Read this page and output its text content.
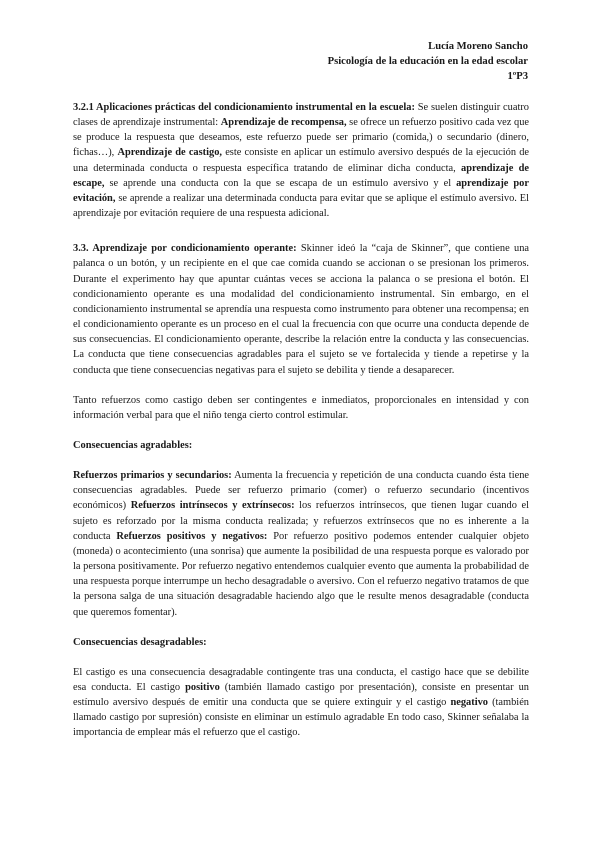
Lucía Moreno Sancho
Psicología de la educación en la edad escolar
1ºP3

3.2.1 Aplicaciones prácticas del condicionamiento instrumental en la escuela: Se suelen distinguir cuatro clases de aprendizaje instrumental: Aprendizaje de recompensa, se ofrece un refuerzo positivo cada vez que se produce la respuesta que deseamos, este refuerzo puede ser primario (comida,) o secundario (dinero, fichas…), Aprendizaje de castigo, este consiste en aplicar un estímulo aversivo después de la ejecución de una determinada conducta o respuesta específica tratando de eliminar dicha conducta, aprendizaje de escape, se aprende una conducta con la que se escapa de un estímulo aversivo y el aprendizaje por evitación, se aprende a realizar una determinada conducta para evitar que se aplique el estímulo aversivo. El aprendizaje por evitación requiere de una respuesta adicional.

3.3. Aprendizaje por condicionamiento operante: Skinner ideó la “caja de Skinner”, que contiene una palanca o un botón, y un recipiente en el que cae comida cuando se accionan o se presionan los primeros. Durante el experimento hay que apuntar cuántas veces se acciona la palanca o se presiona el botón. El condicionamiento operante es una modalidad del condicionamiento instrumental. Sin embargo, en el condicionamiento instrumental se aprendía una respuesta como instrumento para obtener una recompensa; en el condicionamiento operante es un proceso en el cual la frecuencia con que ocurre una conducta depende de sus consecuencias. El condicionamiento operante, describe la relación entre la conducta y las consecuencias. La conducta que tiene consecuencias agradables para el sujeto se ve fortalecida y tiende a repetirse y la conducta que tiene consecuencias negativas para el sujeto se debilita y tiende a desaparecer.

Tanto refuerzos como castigo deben ser contingentes e inmediatos, proporcionales en intensidad y con información verbal para que el niño tenga cierto control estimular.

Consecuencias agradables:

Refuerzos primarios y secundarios: Aumenta la frecuencia y repetición de una conducta cuando ésta tiene consecuencias agradables. Puede ser refuerzo primario (comer) o refuerzo secundario (incentivos económicos) Refuerzos intrínsecos y extrínsecos: los refuerzos intrínsecos, que tienen lugar cuando el sujeto es reforzado por la misma conducta realizada; y refuerzos extrínsecos que no es inherente a la conducta Refuerzos positivos y negativos: Por refuerzo positivo podemos entender cualquier objeto (moneda) o acontecimiento (una sonrisa) que aumente la posibilidad de una respuesta porque es valorado por la persona positivamente. Por refuerzo negativo entendemos cualquier evento que aumenta la probabilidad de una respuesta porque interrumpe un hecho desagradable o aversivo. Con el refuerzo negativo tratamos de que la persona salga de una situación desagradable haciendo algo que le resulte menos desagradable (conducta que queremos fomentar).

Consecuencias desagradables:

El castigo es una consecuencia desagradable contingente tras una conducta, el castigo hace que se debilite esa conducta. El castigo positivo (también llamado castigo por presentación), consiste en presentar un estímulo aversivo después de emitir una conducta que se quiere extinguir y el castigo negativo (también llamado castigo por supresión) consiste en eliminar un estímulo agradable En todo caso, Skinner señalaba la importancia de emplear más el refuerzo que el castigo.
